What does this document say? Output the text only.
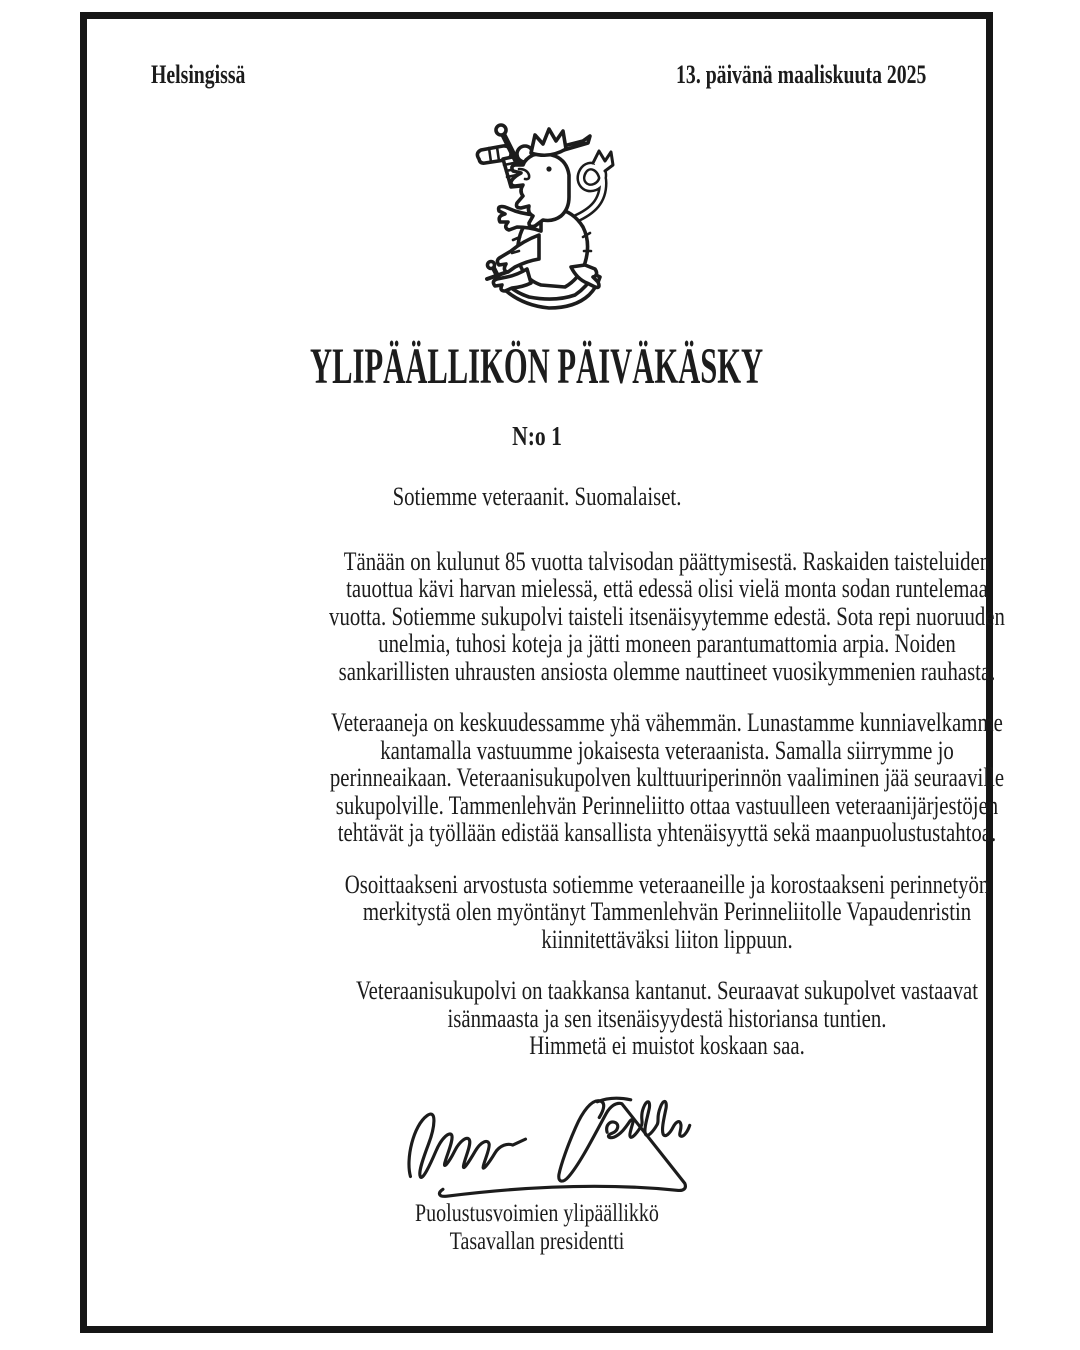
Helsingissä	13. päivänä maaliskuuta 2025
YLIPÄÄLLIKÖN PÄIVÄKÄSKY
N:o 1
Sotiemme veteraanit. Suomalaiset.

Tänään on kulunut 85 vuotta talvisodan päättymisestä. Raskaiden taisteluiden
tauottua kävi harvan mielessä, että edessä olisi vielä monta sodan runtelemaa
vuotta. Sotiemme sukupolvi taisteli itsenäisyytemme edestä. Sota repi nuoruuden
unelmia, tuhosi koteja ja jätti moneen parantumattomia arpia. Noiden
sankarillisten uhrausten ansiosta olemme nauttineet vuosikymmenien rauhasta.

Veteraaneja on keskuudessamme yhä vähemmän. Lunastamme kunniavelkamme
kantamalla vastuumme jokaisesta veteraanista. Samalla siirrymme jo
perinneaikaan. Veteraanisukupolven kulttuuriperinnön vaaliminen jää seuraaville
sukupolville. Tammenlehvän Perinneliitto ottaa vastuulleen veteraanijärjestöjen
tehtävät ja työllään edistää kansallista yhtenäisyyttä sekä maanpuolustustahtoa.

Osoittaakseni arvostusta sotiemme veteraaneille ja korostaakseni perinnetyön
merkitystä olen myöntänyt Tammenlehvän Perinneliitolle Vapaudenristin
kiinnitettäväksi liiton lippuun.

Veteraanisukupolvi on taakkansa kantanut. Seuraavat sukupolvet vastaavat
isänmaasta ja sen itsenäisyydestä historiansa tuntien.
Himmetä ei muistot koskaan saa.

Puolustusvoimien ylipäällikkö
Tasavallan presidentti
